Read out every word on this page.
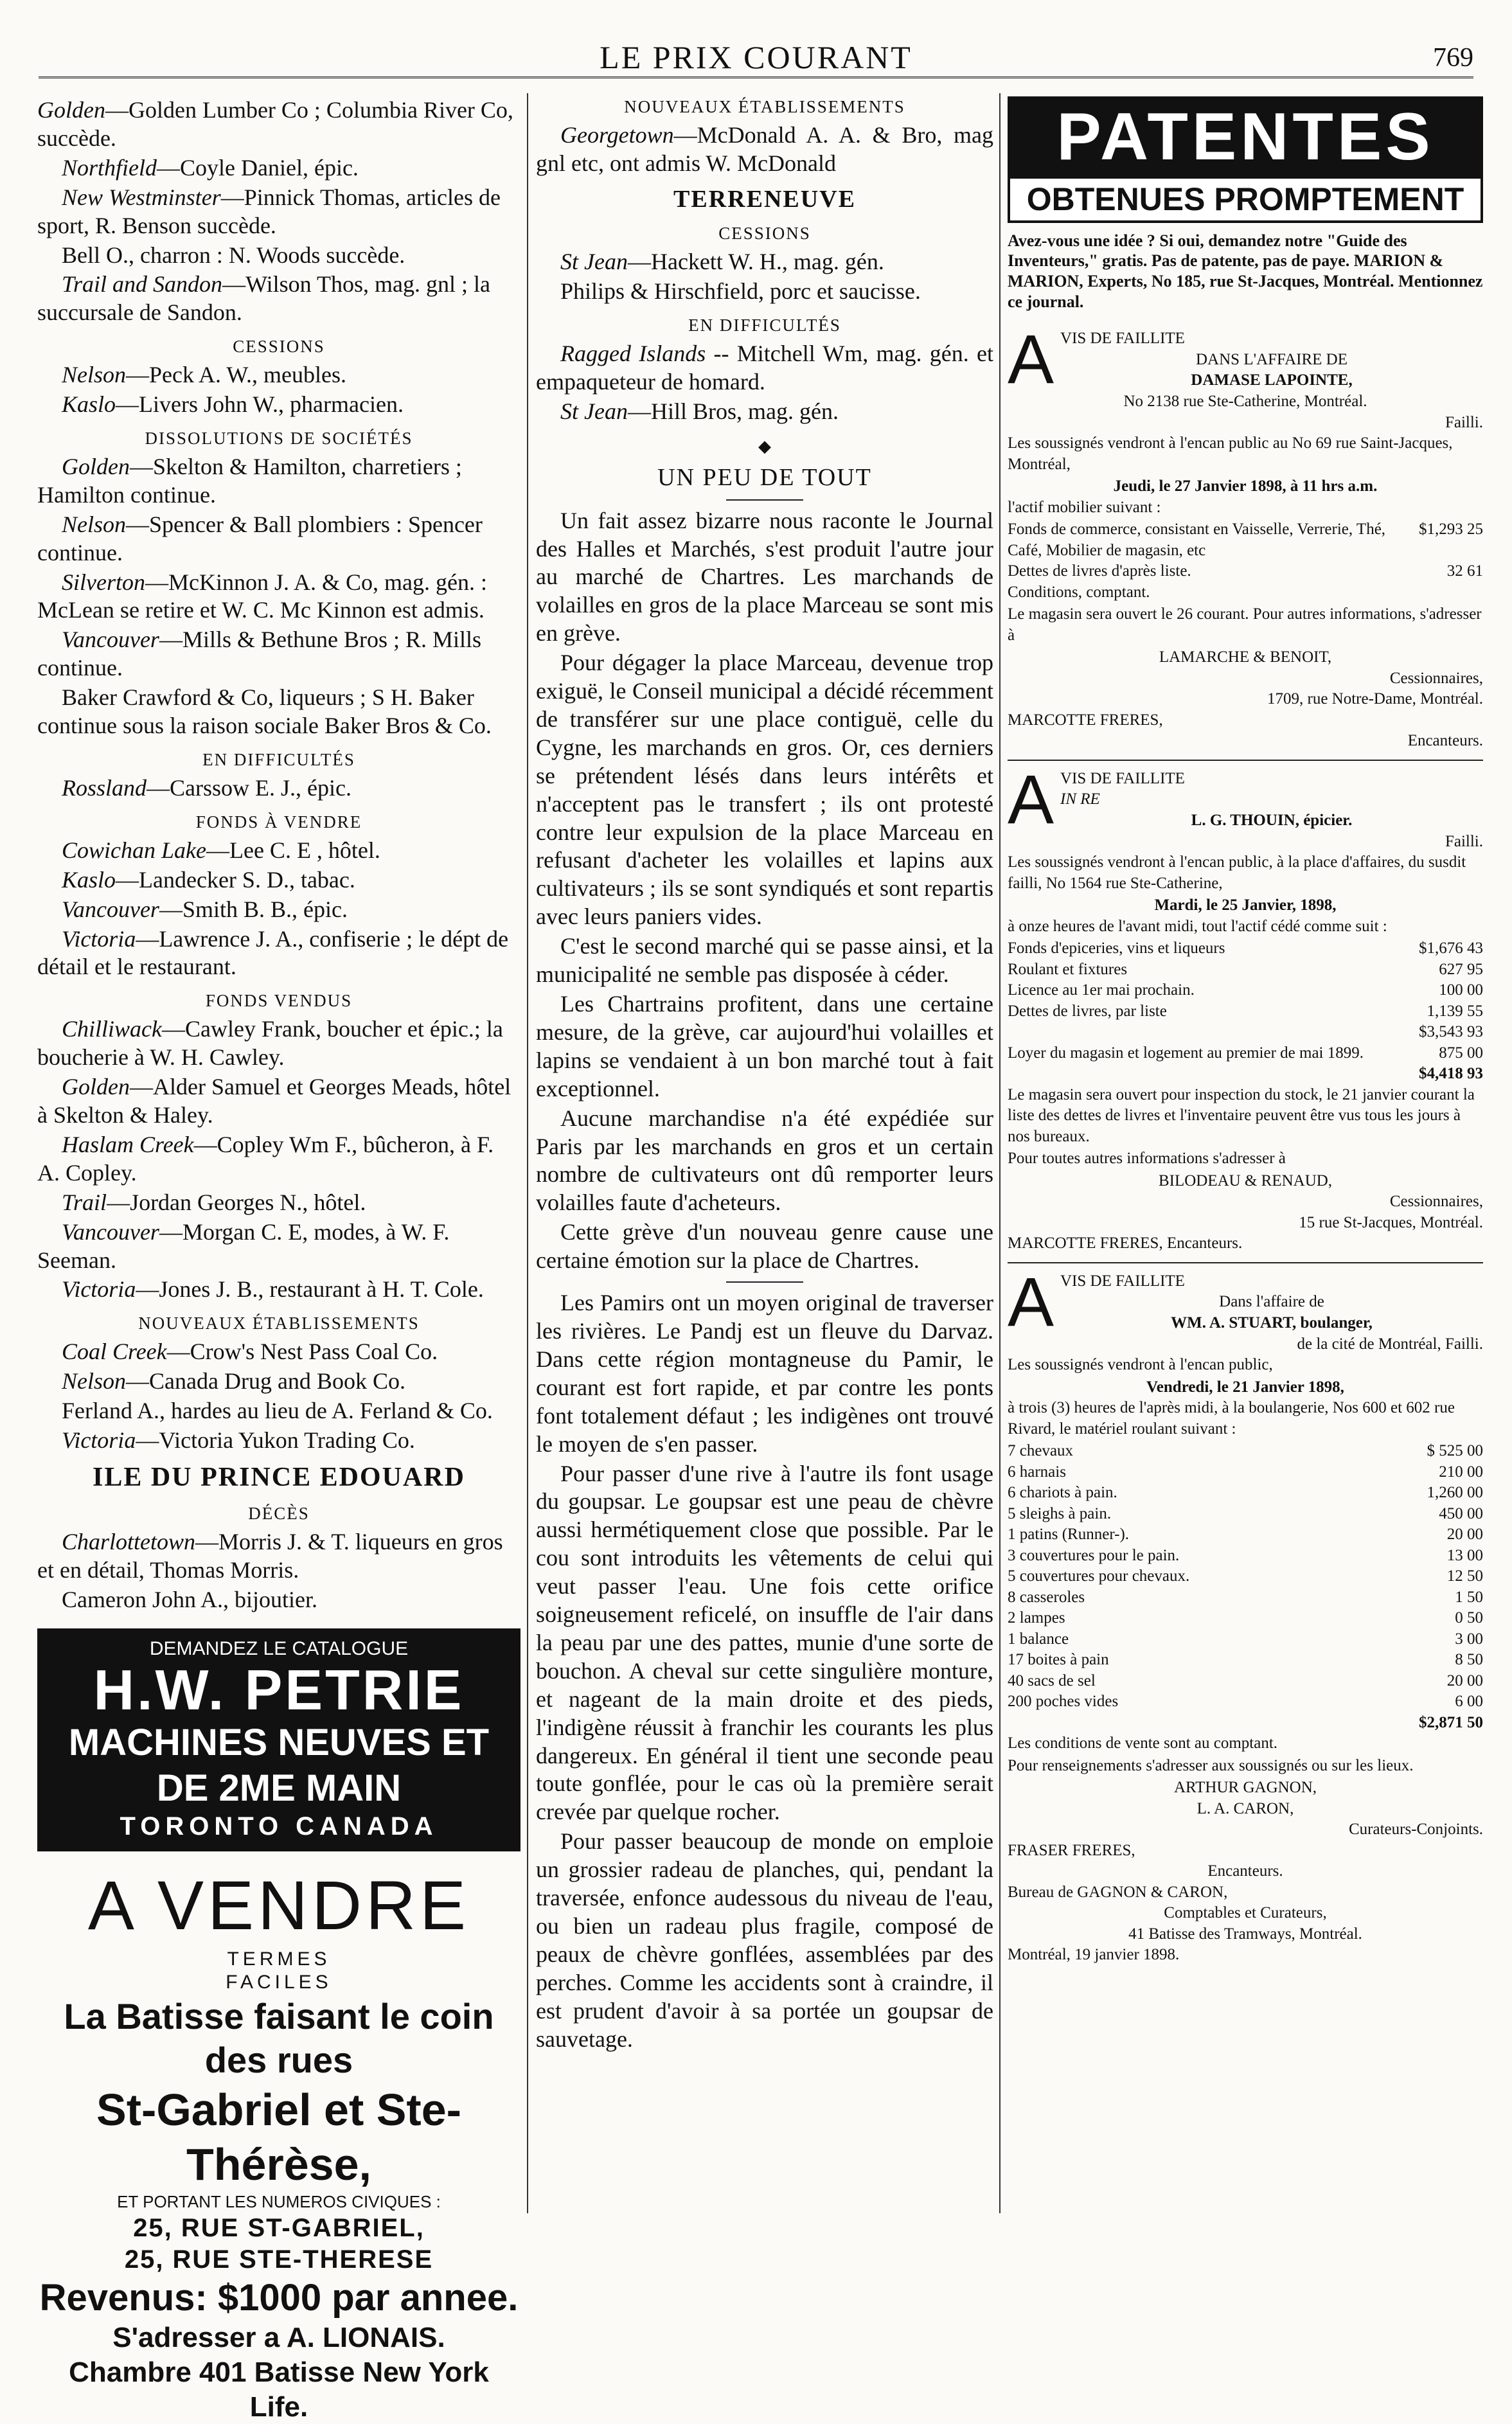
LE PRIX COURANT	769

Golden—Golden Lumber Co ; Columbia River Co, succède.

Northfield—Coyle Daniel, épic.

New Westminster—Pinnick Thomas, articles de sport, R. Benson succède.

Bell O., charron : N. Woods succède.

Trail and Sandon—Wilson Thos, mag. gnl ; la succursale de Sandon.

CESSIONS

Nelson—Peck A. W., meubles.

Kaslo—Livers John W., pharmacien.

DISSOLUTIONS DE SOCIÉTÉS

Golden—Skelton & Hamilton, charretiers ; Hamilton continue.

Nelson—Spencer & Ball plombiers : Spencer continue.

Silverton—McKinnon J. A. & Co, mag. gén. : McLean se retire et W. C. Mc Kinnon est admis.

Vancouver—Mills & Bethune Bros ; R. Mills continue.

Baker Crawford & Co, liqueurs ; S H. Baker continue sous la raison sociale Baker Bros & Co.

EN DIFFICULTÉS

Rossland—Carssow E. J., épic.

FONDS À VENDRE

Cowichan Lake—Lee C. E , hôtel.

Kaslo—Landecker S. D., tabac.

Vancouver—Smith B. B., épic.

Victoria—Lawrence J. A., confiserie ; le dépt de détail et le restaurant.

FONDS VENDUS

Chilliwack—Cawley Frank, boucher et épic.; la boucherie à W. H. Cawley.

Golden—Alder Samuel et Georges Meads, hôtel à Skelton & Haley.

Haslam Creek—Copley Wm F., bûcheron, à F. A. Copley.

Trail—Jordan Georges N., hôtel.

Vancouver—Morgan C. E, modes, à W. F. Seeman.

Victoria—Jones J. B., restaurant à H. T. Cole.

NOUVEAUX ÉTABLISSEMENTS

Coal Creek—Crow's Nest Pass Coal Co.

Nelson—Canada Drug and Book Co.

Ferland A., hardes au lieu de A. Ferland & Co.

Victoria—Victoria Yukon Trading Co.

ILE DU PRINCE EDOUARD
DÉCÈS

Charlottetown—Morris J. & T. liqueurs en gros et en détail, Thomas Morris.

Cameron John A., bijoutier.

DEMANDEZ LE CATALOGUE
H.W. PETRIE
MACHINES NEUVES ET DE 2ME MAIN
TORONTO CANADA
A VENDRE
TERMES
FACILES
La Batisse faisant le coin des rues
St-Gabriel et Ste-Thérèse,
ET PORTANT LES NUMEROS CIVIQUES :
25, RUE ST-GABRIEL,
25, RUE STE-THERESE
Revenus: $1000 par annee.
S'adresser a A. LIONAIS.
Chambre 401 Batisse New York Life.
NOUVEAUX ÉTABLISSEMENTS

Georgetown—McDonald A. A. & Bro, mag gnl etc, ont admis W. McDonald

TERRENEUVE
CESSIONS

St Jean—Hackett W. H., mag. gén.

Philips & Hirschfield, porc et saucisse.

EN DIFFICULTÉS

Ragged Islands -- Mitchell Wm, mag. gén. et empaqueteur de homard.

St Jean—Hill Bros, mag. gén.

◆
UN PEU DE TOUT

Un fait assez bizarre nous raconte le Journal des Halles et Marchés, s'est produit l'autre jour au marché de Chartres. Les marchands de volailles en gros de la place Marceau se sont mis en grève.

Pour dégager la place Marceau, devenue trop exiguë, le Conseil municipal a décidé récemment de transférer sur une place contiguë, celle du Cygne, les marchands en gros. Or, ces derniers se prétendent lésés dans leurs intérêts et n'acceptent pas le transfert ; ils ont protesté contre leur expulsion de la place Marceau en refusant d'acheter les volailles et lapins aux cultivateurs ; ils se sont syndiqués et sont repartis avec leurs paniers vides.

C'est le second marché qui se passe ainsi, et la municipalité ne semble pas disposée à céder.

Les Chartrains profitent, dans une certaine mesure, de la grève, car aujourd'hui volailles et lapins se vendaient à un bon marché tout à fait exceptionnel.

Aucune marchandise n'a été expédiée sur Paris par les marchands en gros et un certain nombre de cultivateurs ont dû remporter leurs volailles faute d'acheteurs.

Cette grève d'un nouveau genre cause une certaine émotion sur la place de Chartres.

Les Pamirs ont un moyen original de traverser les rivières. Le Pandj est un fleuve du Darvaz. Dans cette région montagneuse du Pamir, le courant est fort rapide, et par contre les ponts font totalement défaut ; les indigènes ont trouvé le moyen de s'en passer.

Pour passer d'une rive à l'autre ils font usage du goupsar. Le goupsar est une peau de chèvre aussi hermétiquement close que possible. Par le cou sont introduits les vêtements de celui qui veut passer l'eau. Une fois cette orifice soigneusement reficelé, on insuffle de l'air dans la peau par une des pattes, munie d'une sorte de bouchon. A cheval sur cette singulière monture, et nageant de la main droite et des pieds, l'indigène réussit à franchir les courants les plus dangereux. En général il tient une seconde peau toute gonflée, pour le cas où la première serait crevée par quelque rocher.

Pour passer beaucoup de monde on emploie un grossier radeau de planches, qui, pendant la traversée, enfonce audessous du niveau de l'eau, ou bien un radeau plus fragile, composé de peaux de chèvre gonflées, assemblées par des perches. Comme les accidents sont à craindre, il est prudent d'avoir à sa portée un goupsar de sauvetage.

PATENTES
OBTENUES PROMPTEMENT

Avez-vous une idée ? Si oui, demandez notre "Guide des Inventeurs," gratis. Pas de patente, pas de paye. MARION & MARION, Experts, No 185, rue St-Jacques, Montréal. Mentionnez ce journal.

A VIS DE FAILLITE
DANS L'AFFAIRE DE
DAMASE LAPOINTE,
No 2138 rue Ste-Catherine, Montréal.
Failli.

Les soussignés vendront à l'encan public au No 69 rue Saint-Jacques, Montréal,

Jeudi, le 27 Janvier 1898, à 11 hrs a.m.

l'actif mobilier suivant :

Fonds de commerce, consistant en Vaisselle, Verrerie, Thé, Café, Mobilier de magasin, etc
$1,293 25
Dettes de livres d'après liste.	32 61

Conditions, comptant.

Le magasin sera ouvert le 26 courant. Pour autres informations, s'adresser à

LAMARCHE & BENOIT,
Cessionnaires,
1709, rue Notre-Dame, Montréal.
MARCOTTE FRERES,
Encanteurs.
A VIS DE FAILLITE
IN RE
L. G. THOUIN, épicier.
Failli.

Les soussignés vendront à l'encan public, à la place d'affaires, du susdit failli, No 1564 rue Ste-Catherine,

Mardi, le 25 Janvier, 1898,

à onze heures de l'avant midi, tout l'actif cédé comme suit :

Fonds d'epiceries, vins et liqueurs	$1,676 43
Roulant et fixtures	627 95
Licence au 1er mai prochain.	100 00
Dettes de livres, par liste	1,139 55
$3,543 93
Loyer du magasin et logement au premier de mai 1899.	875 00
$4,418 93

Le magasin sera ouvert pour inspection du stock, le 21 janvier courant la liste des dettes de livres et l'inventaire peuvent être vus tous les jours à nos bureaux.

Pour toutes autres informations s'adresser à

BILODEAU & RENAUD,
Cessionnaires,
15 rue St-Jacques, Montréal.
MARCOTTE FRERES, Encanteurs.
A VIS DE FAILLITE
Dans l'affaire de
WM. A. STUART, boulanger,
de la cité de Montréal, Failli.

Les soussignés vendront à l'encan public,

Vendredi, le 21 Janvier 1898,

à trois (3) heures de l'après midi, à la boulangerie, Nos 600 et 602 rue Rivard, le matériel roulant suivant :

7 chevaux	$ 525 00
6 harnais	210 00
6 chariots à pain.	1,260 00
5 sleighs à pain.	450 00
1 patins (Runner-).	20 00
3 couvertures pour le pain.	13 00
5 couvertures pour chevaux.	12 50
8 casseroles	1 50
2 lampes	0 50
1 balance	3 00
17 boites à pain	8 50
40 sacs de sel	20 00
200 poches vides	6 00
$2,871 50

Les conditions de vente sont au comptant.

Pour renseignements s'adresser aux soussignés ou sur les lieux.

ARTHUR GAGNON,
L. A. CARON,
Curateurs-Conjoints.
FRASER FRERES,
Encanteurs.
Bureau de GAGNON & CARON,
Comptables et Curateurs,
41 Batisse des Tramways, Montréal.
Montréal, 19 janvier 1898.
